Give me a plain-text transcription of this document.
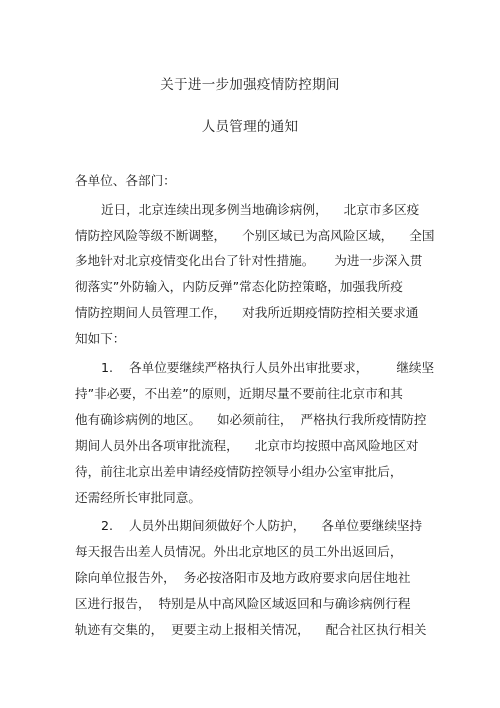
关于进一步加强疫情防控期间
人员管理的通知
各单位、各部门：
近日，北京连续出现多例当地确诊病例，    北京市多区疫
情防控风险等级不断调整，    个别区域已为高风险区域，    全国
多地针对北京疫情变化出台了针对性措施。     为进一步深入贯
彻落实”外防输入，内防反弹”常态化防控策略，加强我所疫
情防控期间人员管理工作，    对我所近期疫情防控相关要求通
知如下：
1.    各单位要继续严格执行人员外出审批要求，       继续坚
持”非必要，不出差”的原则，近期尽量不要前往北京市和其
他有确诊病例的地区。    如必须前往，  严格执行我所疫情防控
期间人员外出各项审批流程，    北京市均按照中高风险地区对
待，前往北京出差申请经疫情防控领导小组办公室审批后，
还需经所长审批同意。
2.    人员外出期间须做好个人防护，    各单位要继续坚持
每天报告出差人员情况。外出北京地区的员工外出返回后，
除向单位报告外，  务必按洛阳市及地方政府要求向居住地社
区进行报告，  特别是从中高风险区域返回和与确诊病例行程
轨迹有交集的，  更要主动上报相关情况，    配合社区执行相关
